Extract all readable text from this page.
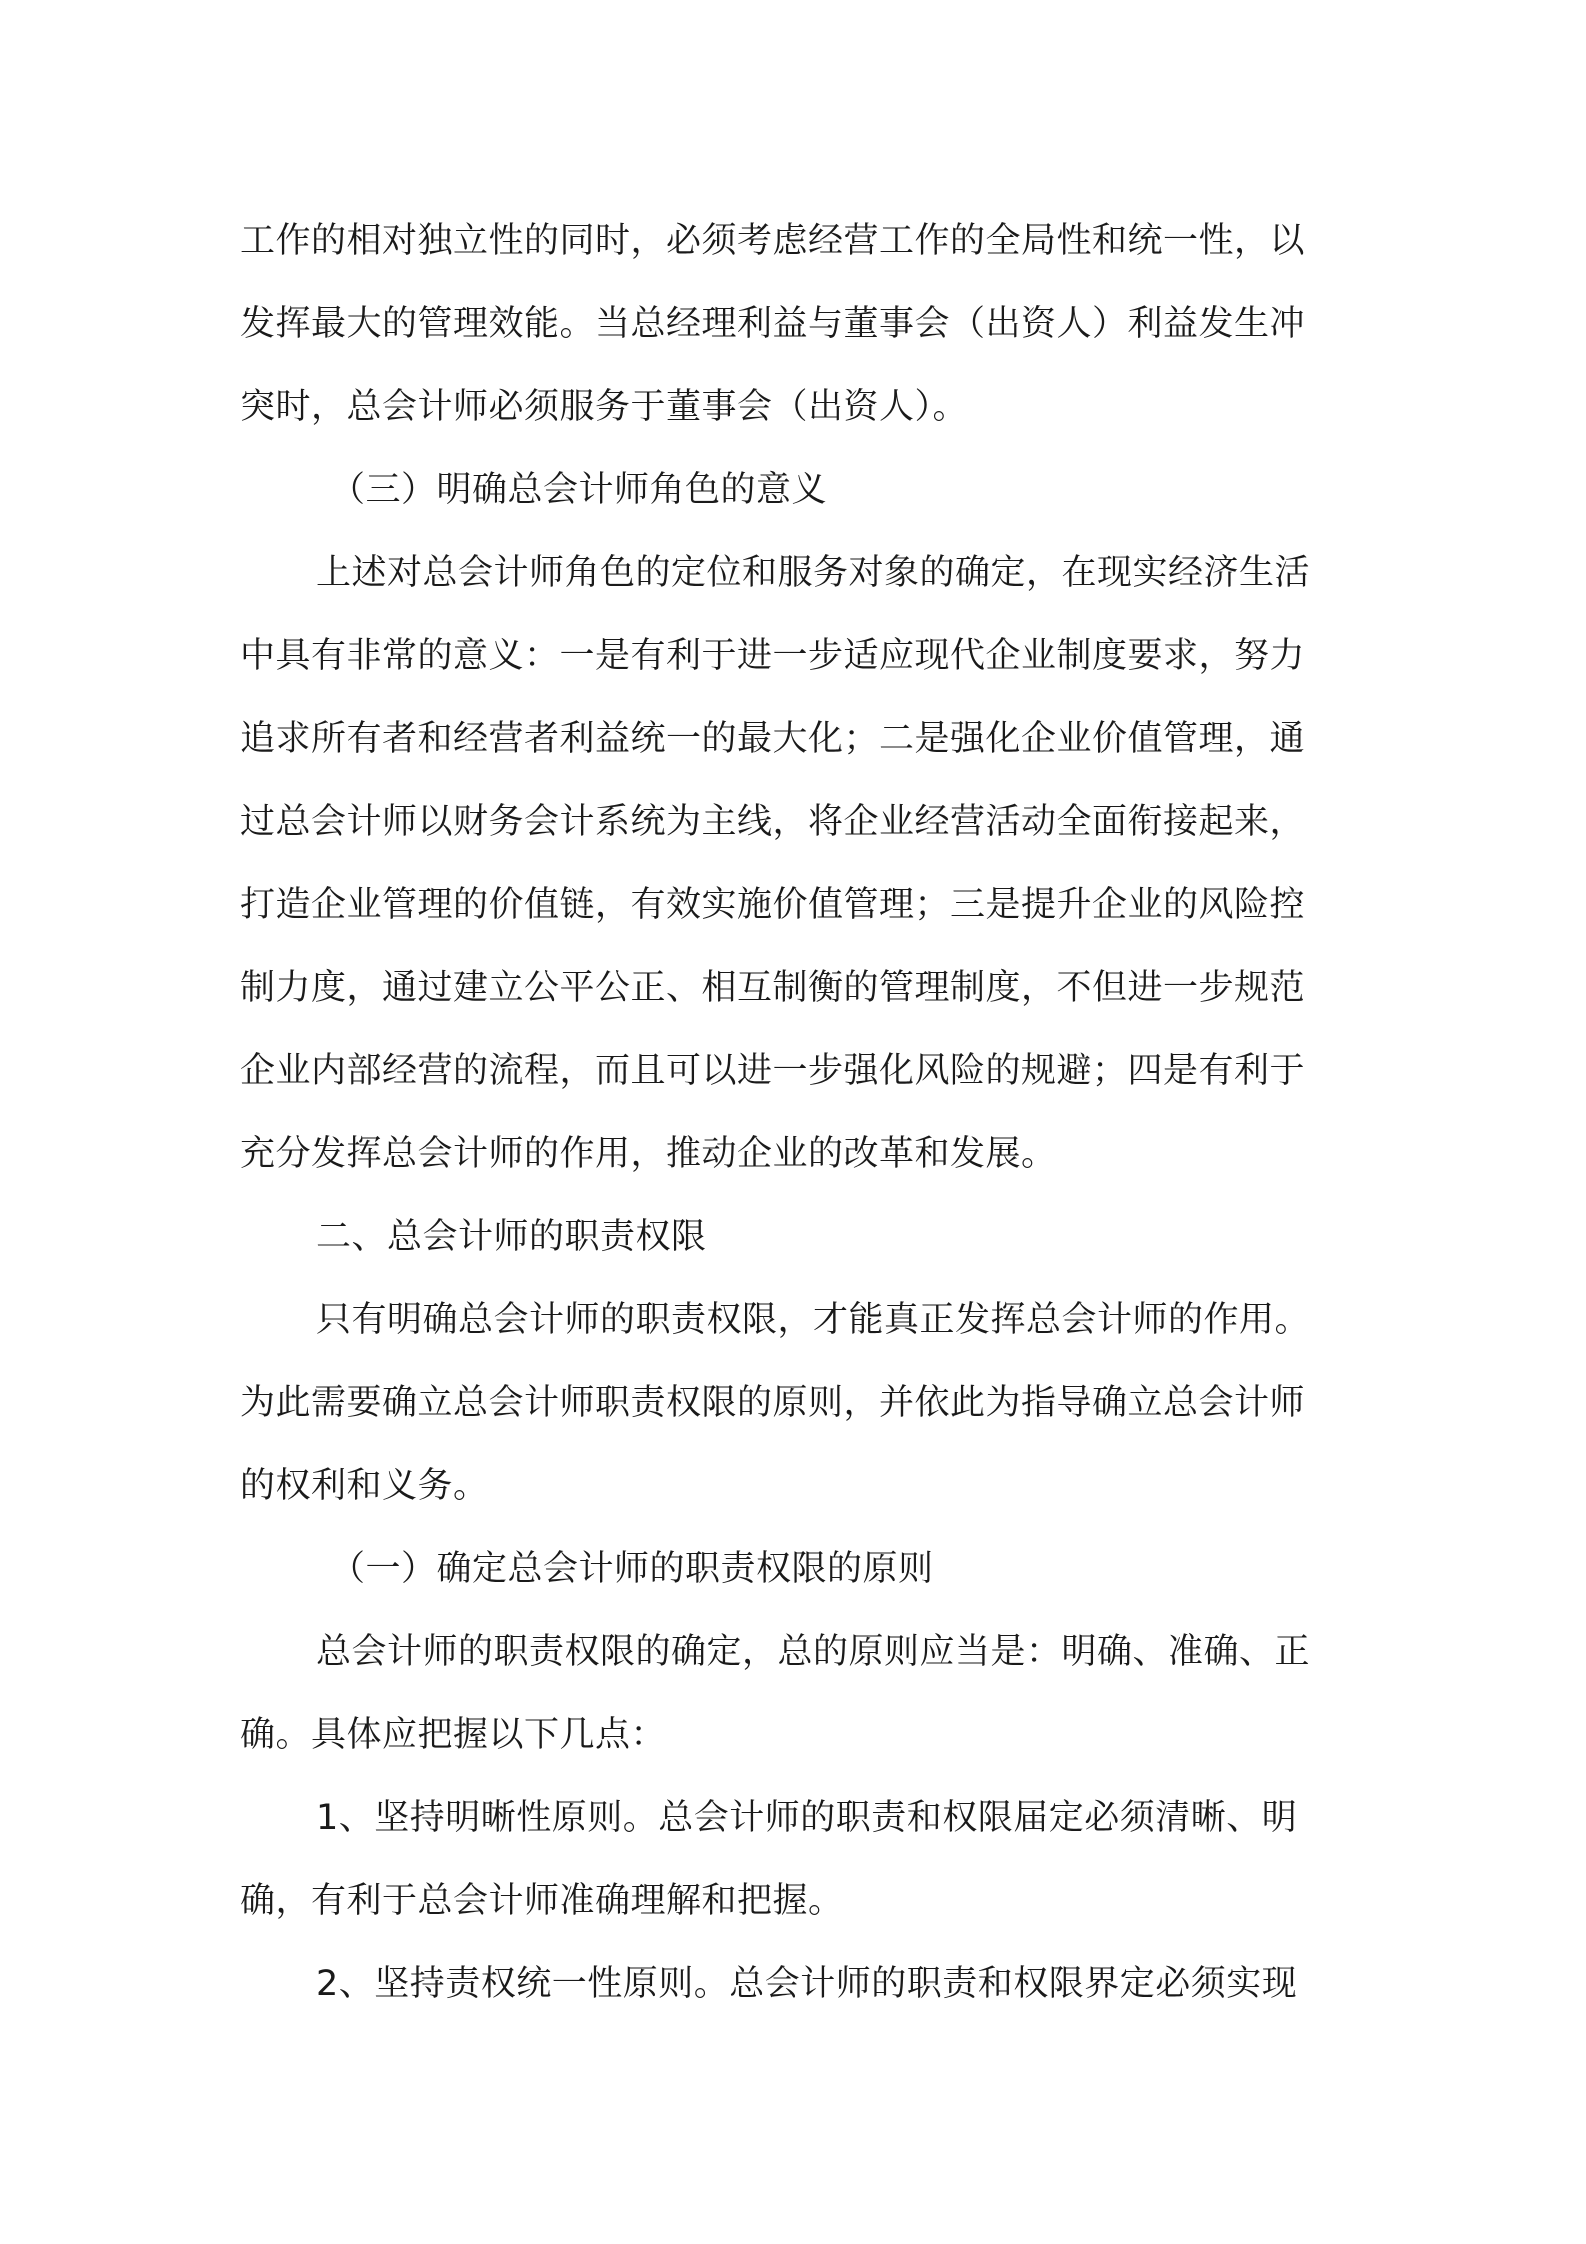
工作的相对独立性的同时，必须考虑经营工作的全局性和统一性，以
发挥最大的管理效能。当总经理利益与董事会（出资人）利益发生冲
突时，总会计师必须服务于董事会（出资人）。
（三）明确总会计师角色的意义
上述对总会计师角色的定位和服务对象的确定，在现实经济生活
中具有非常的意义：一是有利于进一步适应现代企业制度要求，努力
追求所有者和经营者利益统一的最大化；二是强化企业价值管理，通
过总会计师以财务会计系统为主线，将企业经营活动全面衔接起来，
打造企业管理的价值链，有效实施价值管理；三是提升企业的风险控
制力度，通过建立公平公正、相互制衡的管理制度，不但进一步规范
企业内部经营的流程，而且可以进一步强化风险的规避；四是有利于
充分发挥总会计师的作用，推动企业的改革和发展。
二、总会计师的职责权限
只有明确总会计师的职责权限，才能真正发挥总会计师的作用。
为此需要确立总会计师职责权限的原则，并依此为指导确立总会计师
的权利和义务。
（一）确定总会计师的职责权限的原则
总会计师的职责权限的确定，总的原则应当是：明确、准确、正
确。具体应把握以下几点：
1、坚持明晰性原则。总会计师的职责和权限届定必须清晰、明
确，有利于总会计师准确理解和把握。
2、坚持责权统一性原则。总会计师的职责和权限界定必须实现
